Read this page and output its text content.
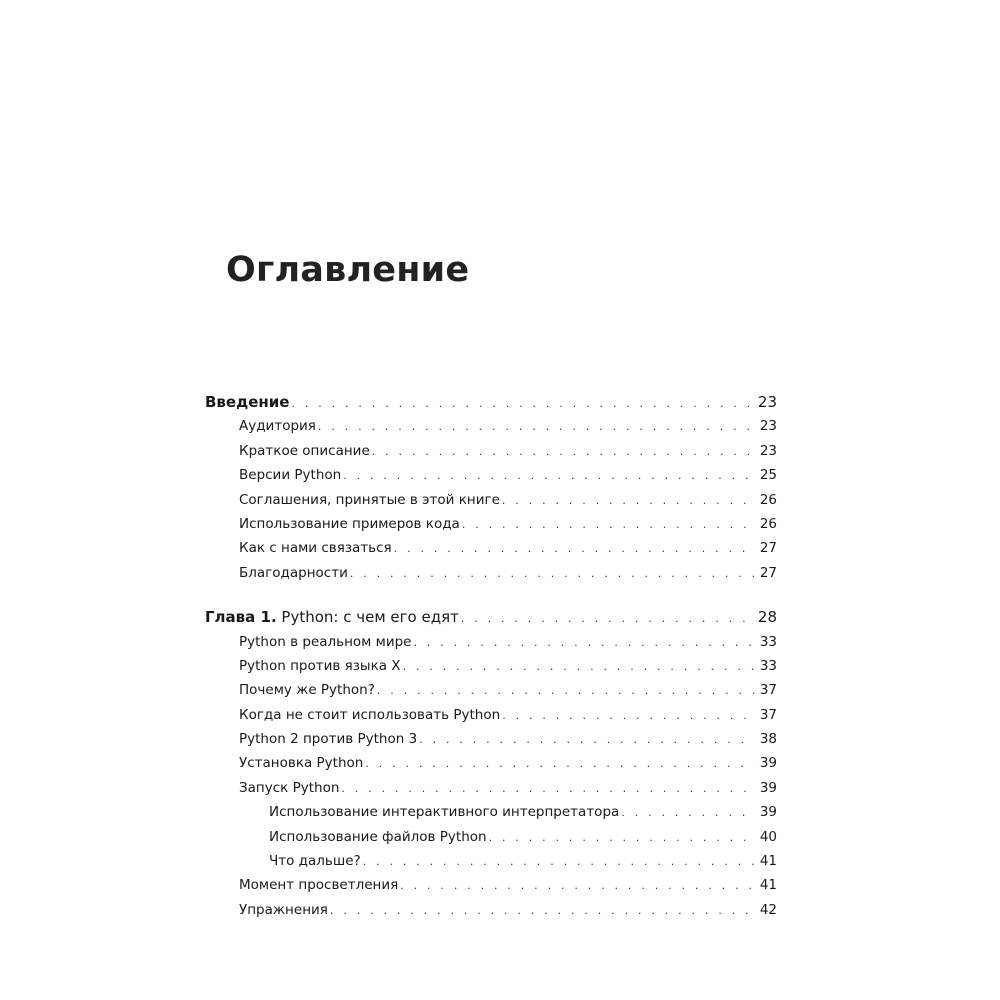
Оглавление
Введение . . .	23
Аудитория . . .	23
Краткое описание . . .	23
Версии Python . . .	25
Соглашения, принятые в этой книге . . .	26
Использование примеров кода . . .	26
Как с нами связаться . . .	27
Благодарности . . .	27
Глава 1. Python: с чем его едят . . .	28
Python в реальном мире . . .	33
Python против языка X . . .	33
Почему же Python? . . .	37
Когда не стоит использовать Python . . .	37
Python 2 против Python 3 . . .	38
Установка Python . . .	39
Запуск Python . . .	39
Использование интерактивного интерпретатора . . .	39
Использование файлов Python . . .	40
Что дальше? . . .	41
Момент просветления . . .	41
Упражнения . . .	42
